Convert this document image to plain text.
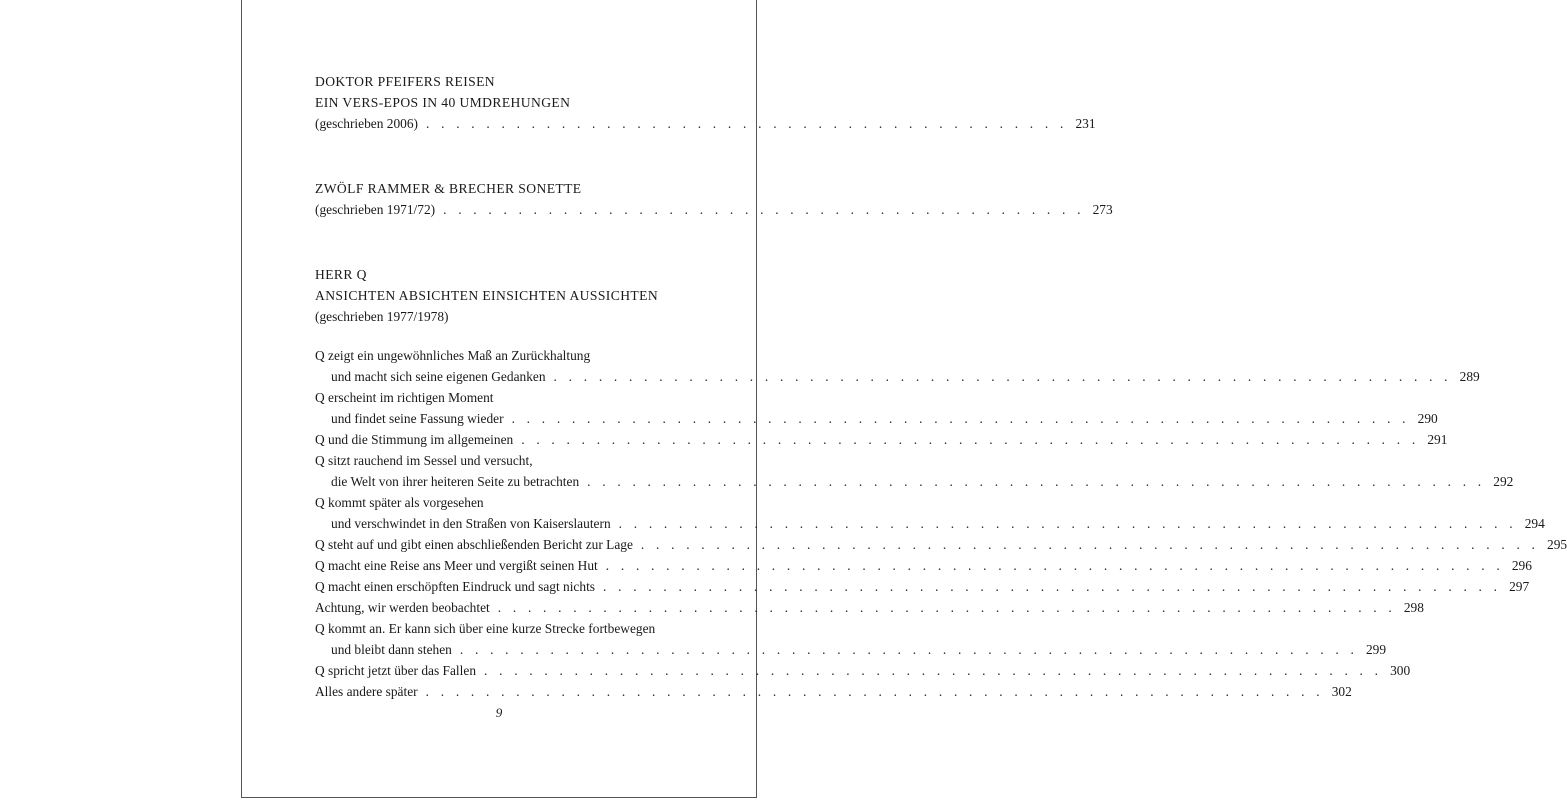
DOKTOR PFEIFERS REISEN
EIN VERS-EPOS IN 40 UMDREHUNGEN
(geschrieben 2006) . . . . . . . . . . . . . . . . . . . . . . . . . . . . . . . . . . . . . . . . . . . 231
ZWÖLF RAMMER & BRECHER SONETTE
(geschrieben 1971/72) . . . . . . . . . . . . . . . . . . . . . . . . . . . . . . . . . . . . . . . . . . . 273
HERR Q
ANSICHTEN ABSICHTEN EINSICHTEN AUSSICHTEN
(geschrieben 1977/1978)
Q zeigt ein ungewöhnliches Maß an Zurückhaltung
und macht sich seine eigenen Gedanken . . . . . . . . . . . . . . . . . . . . . . . . . . . . . . . . . . . . . . . . . . . . . . . . . . . . . . . . . . . . 289
Q erscheint im richtigen Moment
und findet seine Fassung wieder . . . . . . . . . . . . . . . . . . . . . . . . . . . . . . . . . . . . . . . . . . . . . . . . . . . . . . . . . . . . 290
Q und die Stimmung im allgemeinen . . . . . . . . . . . . . . . . . . . . . . . . . . . . . . . . . . . . . . . . . . . . . . . . . . . . . . . . . . . . 291
Q sitzt rauchend im Sessel und versucht,
die Welt von ihrer heiteren Seite zu betrachten . . . . . . . . . . . . . . . . . . . . . . . . . . . . . . . . . . . . . . . . . . . . . . . . . . . . . . . . . . . . 292
Q kommt später als vorgesehen
und verschwindet in den Straßen von Kaiserslautern . . . . . . . . . . . . . . . . . . . . . . . . . . . . . . . . . . . . . . . . . . . . . . . . . . . . . . . . . . . . 294
Q steht auf und gibt einen abschließenden Bericht zur Lage . . . . . . . . . . . . . . . . . . . . . . . . . . . . . . . . . . . . . . . . . . . . . . . . . . . . . . . . . . . . 295
Q macht eine Reise ans Meer und vergißt seinen Hut . . . . . . . . . . . . . . . . . . . . . . . . . . . . . . . . . . . . . . . . . . . . . . . . . . . . . . . . . . . . 296
Q macht einen erschöpften Eindruck und sagt nichts . . . . . . . . . . . . . . . . . . . . . . . . . . . . . . . . . . . . . . . . . . . . . . . . . . . . . . . . . . . . 297
Achtung, wir werden beobachtet . . . . . . . . . . . . . . . . . . . . . . . . . . . . . . . . . . . . . . . . . . . . . . . . . . . . . . . . . . . . 298
Q kommt an. Er kann sich über eine kurze Strecke fortbewegen
und bleibt dann stehen . . . . . . . . . . . . . . . . . . . . . . . . . . . . . . . . . . . . . . . . . . . . . . . . . . . . . . . . . . . . 299
Q spricht jetzt über das Fallen . . . . . . . . . . . . . . . . . . . . . . . . . . . . . . . . . . . . . . . . . . . . . . . . . . . . . . . . . . . . 300
Alles andere später . . . . . . . . . . . . . . . . . . . . . . . . . . . . . . . . . . . . . . . . . . . . . . . . . . . . . . . . . . . . 302
9
